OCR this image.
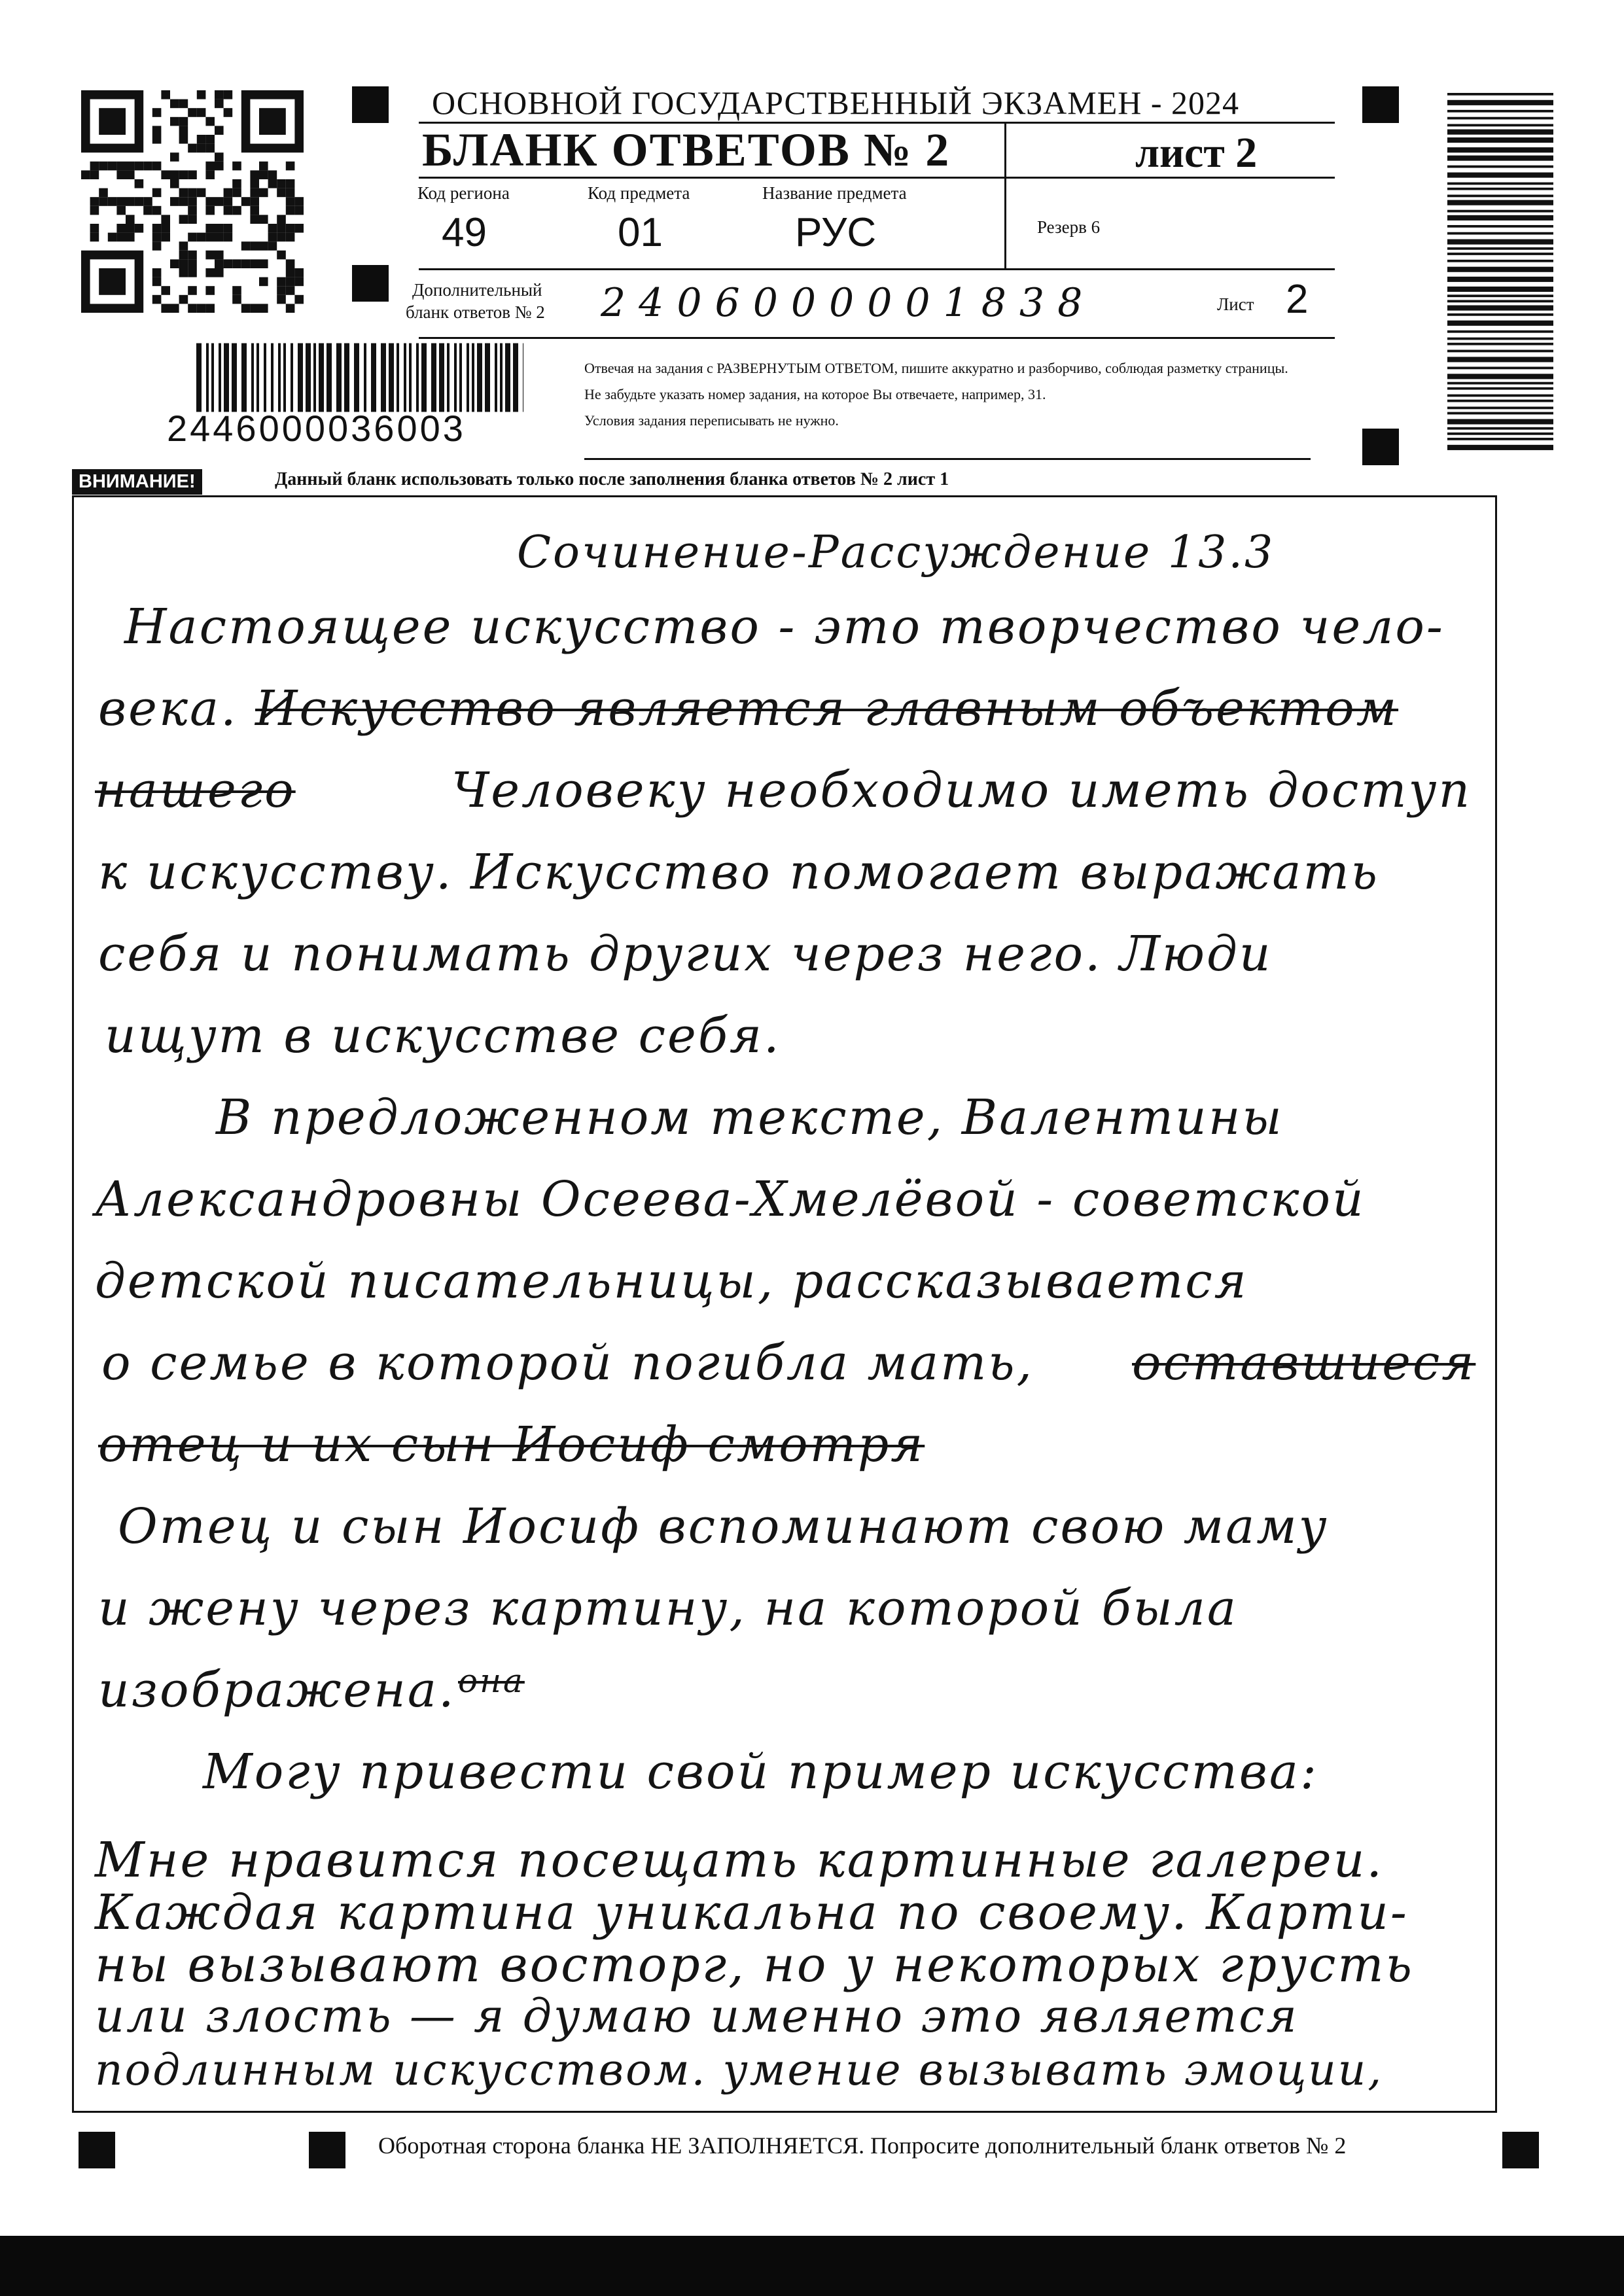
2446000036003
ОСНОВНОЙ ГОСУДАРСТВЕННЫЙ ЭКЗАМЕН - 2024
БЛАНК ОТВЕТОВ № 2	лист 2
Код региона
49
Код предмета
01
Название предмета
РУС	Резерв 6
Дополнительный
бланк ответов № 2 2406000001838	Лист 2
Отвечая на задания с РАЗВЕРНУТЫМ ОТВЕТОМ, пишите аккуратно и разборчиво, соблюдая разметку страницы.
Не забудьте указать номер задания, на которое Вы отвечаете, например, 31.
Условия задания переписывать не нужно.
ВНИМАНИЕ!	Данный бланк использовать только после заполнения бланка ответов № 2 лист 1
Сочинение-Рассуждение 13.3
Настоящее искусство - это творчество чело-
века. Искусство является главным объектом
нашего	Человеку необходимо иметь доступ
к искусству. Искусство помогает выражать
себя и понимать других через него. Люди
ищут в искусстве себя.
В предложенном тексте, Валентины
Александровны Осеева-Хмелёвой - советской
детской писательницы, рассказывается
о семье в которой погибла мать, оставшиеся
отец и их сын Иосиф смотря
Отец и сын Иосиф вспоминают свою маму
и жену через картину, на которой была
изображена. она
Могу привести свой пример искусства:
Мне нравится посещать картинные галереи.
Каждая картина уникальна по своему. Карти-
ны вызывают восторг, но у некоторых грусть
или злость — я думаю именно это является
подлинным искусством. умение вызывать эмоции,
Оборотная сторона бланка НЕ ЗАПОЛНЯЕТСЯ. Попросите дополнительный бланк ответов № 2
